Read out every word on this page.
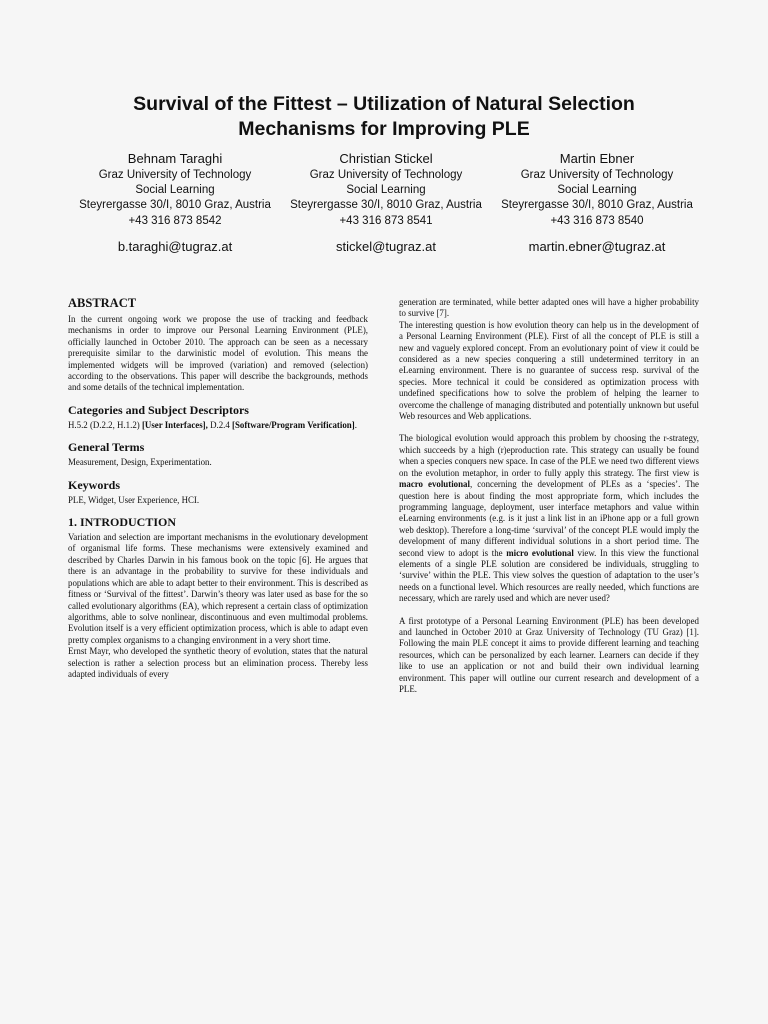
Survival of the Fittest – Utilization of Natural Selection
Mechanisms for Improving PLE
Behnam Taraghi
Graz University of Technology
Social Learning
Steyrergasse 30/I, 8010 Graz, Austria
+43 316 873 8542
b.taraghi@tugraz.at
Christian Stickel
Graz University of Technology
Social Learning
Steyrergasse 30/I, 8010 Graz, Austria
+43 316 873 8541
stickel@tugraz.at
Martin Ebner
Graz University of Technology
Social Learning
Steyrergasse 30/I, 8010 Graz, Austria
+43 316 873 8540
martin.ebner@tugraz.at
ABSTRACT

In the current ongoing work we propose the use of tracking and feedback mechanisms in order to improve our Personal Learning Environment (PLE), officially launched in October 2010. The approach can be seen as a necessary prerequisite similar to the darwinistic model of evolution. This means the implemented widgets will be improved (variation) and removed (selection) according to the observations. This paper will describe the backgrounds, methods and some details of the technical implementation.

Categories and Subject Descriptors

H.5.2 (D.2.2, H.1.2) [User Interfaces], D.2.4 [Software/Program Verification].

General Terms

Measurement, Design, Experimentation.

Keywords

PLE, Widget, User Experience, HCI.

1. INTRODUCTION

Variation and selection are important mechanisms in the evolutionary development of organismal life forms. These mechanisms were extensively examined and described by Charles Darwin in his famous book on the topic [6]. He argues that there is an advantage in the probability to survive for these individuals and populations which are able to adapt better to their environment. This is described as fitness or ‘Survival of the fittest’. Darwin’s theory was later used as base for the so called evolutionary algorithms (EA), which represent a certain class of optimization algorithms, able to solve nonlinear, discontinuous and even multimodal problems. Evolution itself is a very efficient optimization process, which is able to adapt even pretty complex organisms to a changing environment in a very short time.

Ernst Mayr, who developed the synthetic theory of evolution, states that the natural selection is rather a selection process but an elimination process. Thereby less adapted individuals of every

generation are terminated, while better adapted ones will have a higher probability to survive [7].

The interesting question is how evolution theory can help us in the development of a Personal Learning Environment (PLE). First of all the concept of PLE is still a new and vaguely explored concept. From an evolutionary point of view it could be considered as a new species conquering a still undetermined territory in an eLearning environment. There is no guarantee of success resp. survival of the species. More technical it could be considered as optimization process with undefined specifications how to solve the problem of helping the learner to overcome the challenge of managing distributed and potentially unknown but useful Web resources and Web applications.

The biological evolution would approach this problem by choosing the r-strategy, which succeeds by a high (r)eproduction rate. This strategy can usually be found when a species conquers new space. In case of the PLE we need two different views on the evolution metaphor, in order to fully apply this strategy. The first view is macro evolutional, concerning the development of PLEs as a ‘species’. The question here is about finding the most appropriate form, which includes the programming language, deployment, user interface metaphors and value within eLearning environments (e.g. is it just a link list in an iPhone app or a full grown web desktop). Therefore a long-time ‘survival’ of the concept PLE would imply the development of many different individual solutions in a short period time. The second view to adopt is the micro evolutional view. In this view the functional elements of a single PLE solution are considered be individuals, struggling to ‘survive’ within the PLE. This view solves the question of adaptation to the user’s needs on a functional level. Which resources are really needed, which functions are necessary, which are rarely used and which are never used?

A first prototype of a Personal Learning Environment (PLE) has been developed and launched in October 2010 at Graz University of Technology (TU Graz) [1]. Following the main PLE concept it aims to provide different learning and teaching resources, which can be personalized by each learner. Learners can decide if they like to use an application or not and build their own individual learning environment. This paper will outline our current research and development of a PLE.
